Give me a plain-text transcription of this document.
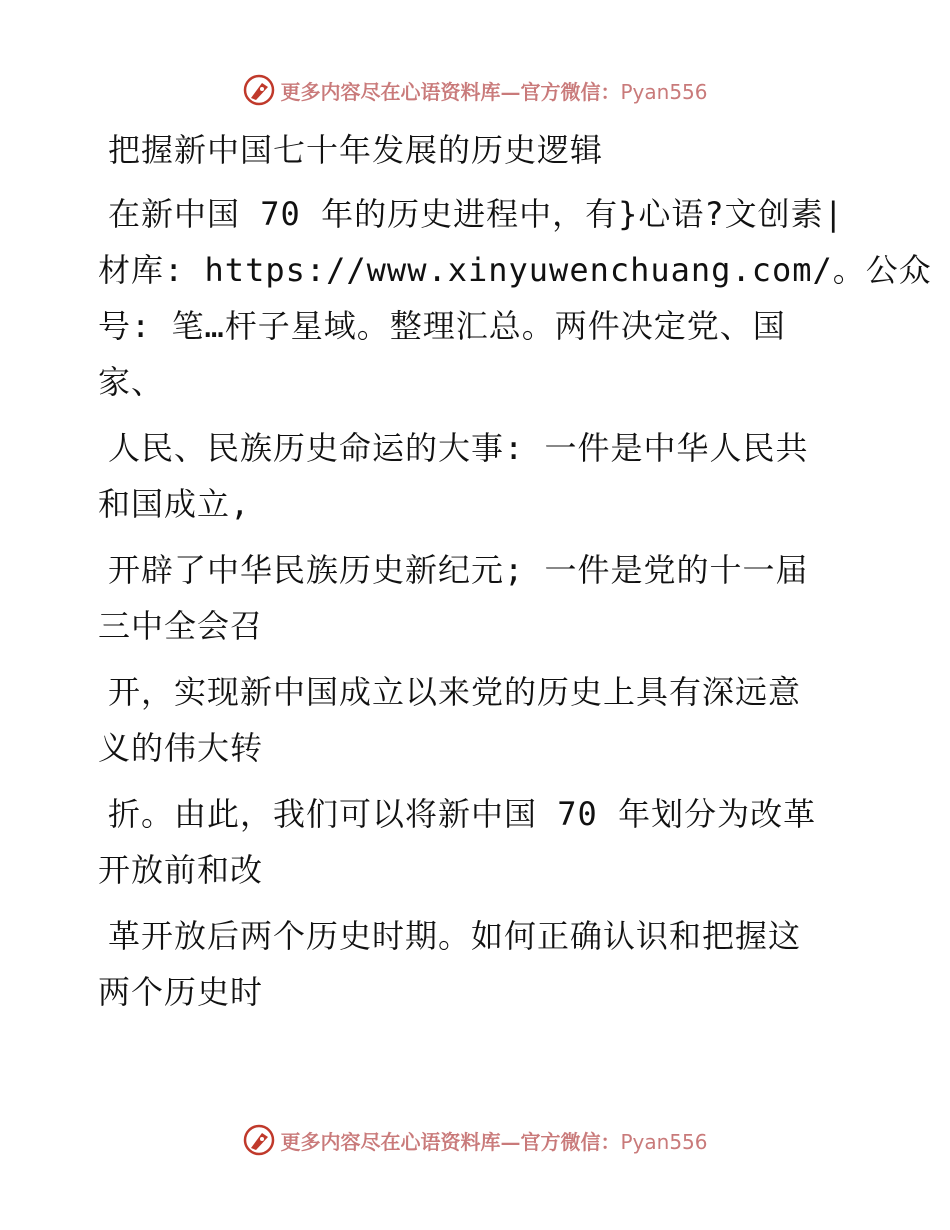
更多内容尽在心语资料库—官方微信：Pyan556
把握新中国七十年发展的历史逻辑
在新中国 70 年的历史进程中，有}心语?文创素|
材库: https://www.xinyuwenchuang.com/。公众
号: 笔…杆子星域。整理汇总。两件决定党、国
家、
人民、民族历史命运的大事: 一件是中华人民共
和国成立,
开辟了中华民族历史新纪元; 一件是党的十一届
三中全会召
开，实现新中国成立以来党的历史上具有深远意
义的伟大转
折。由此，我们可以将新中国 70 年划分为改革
开放前和改
革开放后两个历史时期。如何正确认识和把握这
两个历史时
更多内容尽在心语资料库—官方微信：Pyan556
